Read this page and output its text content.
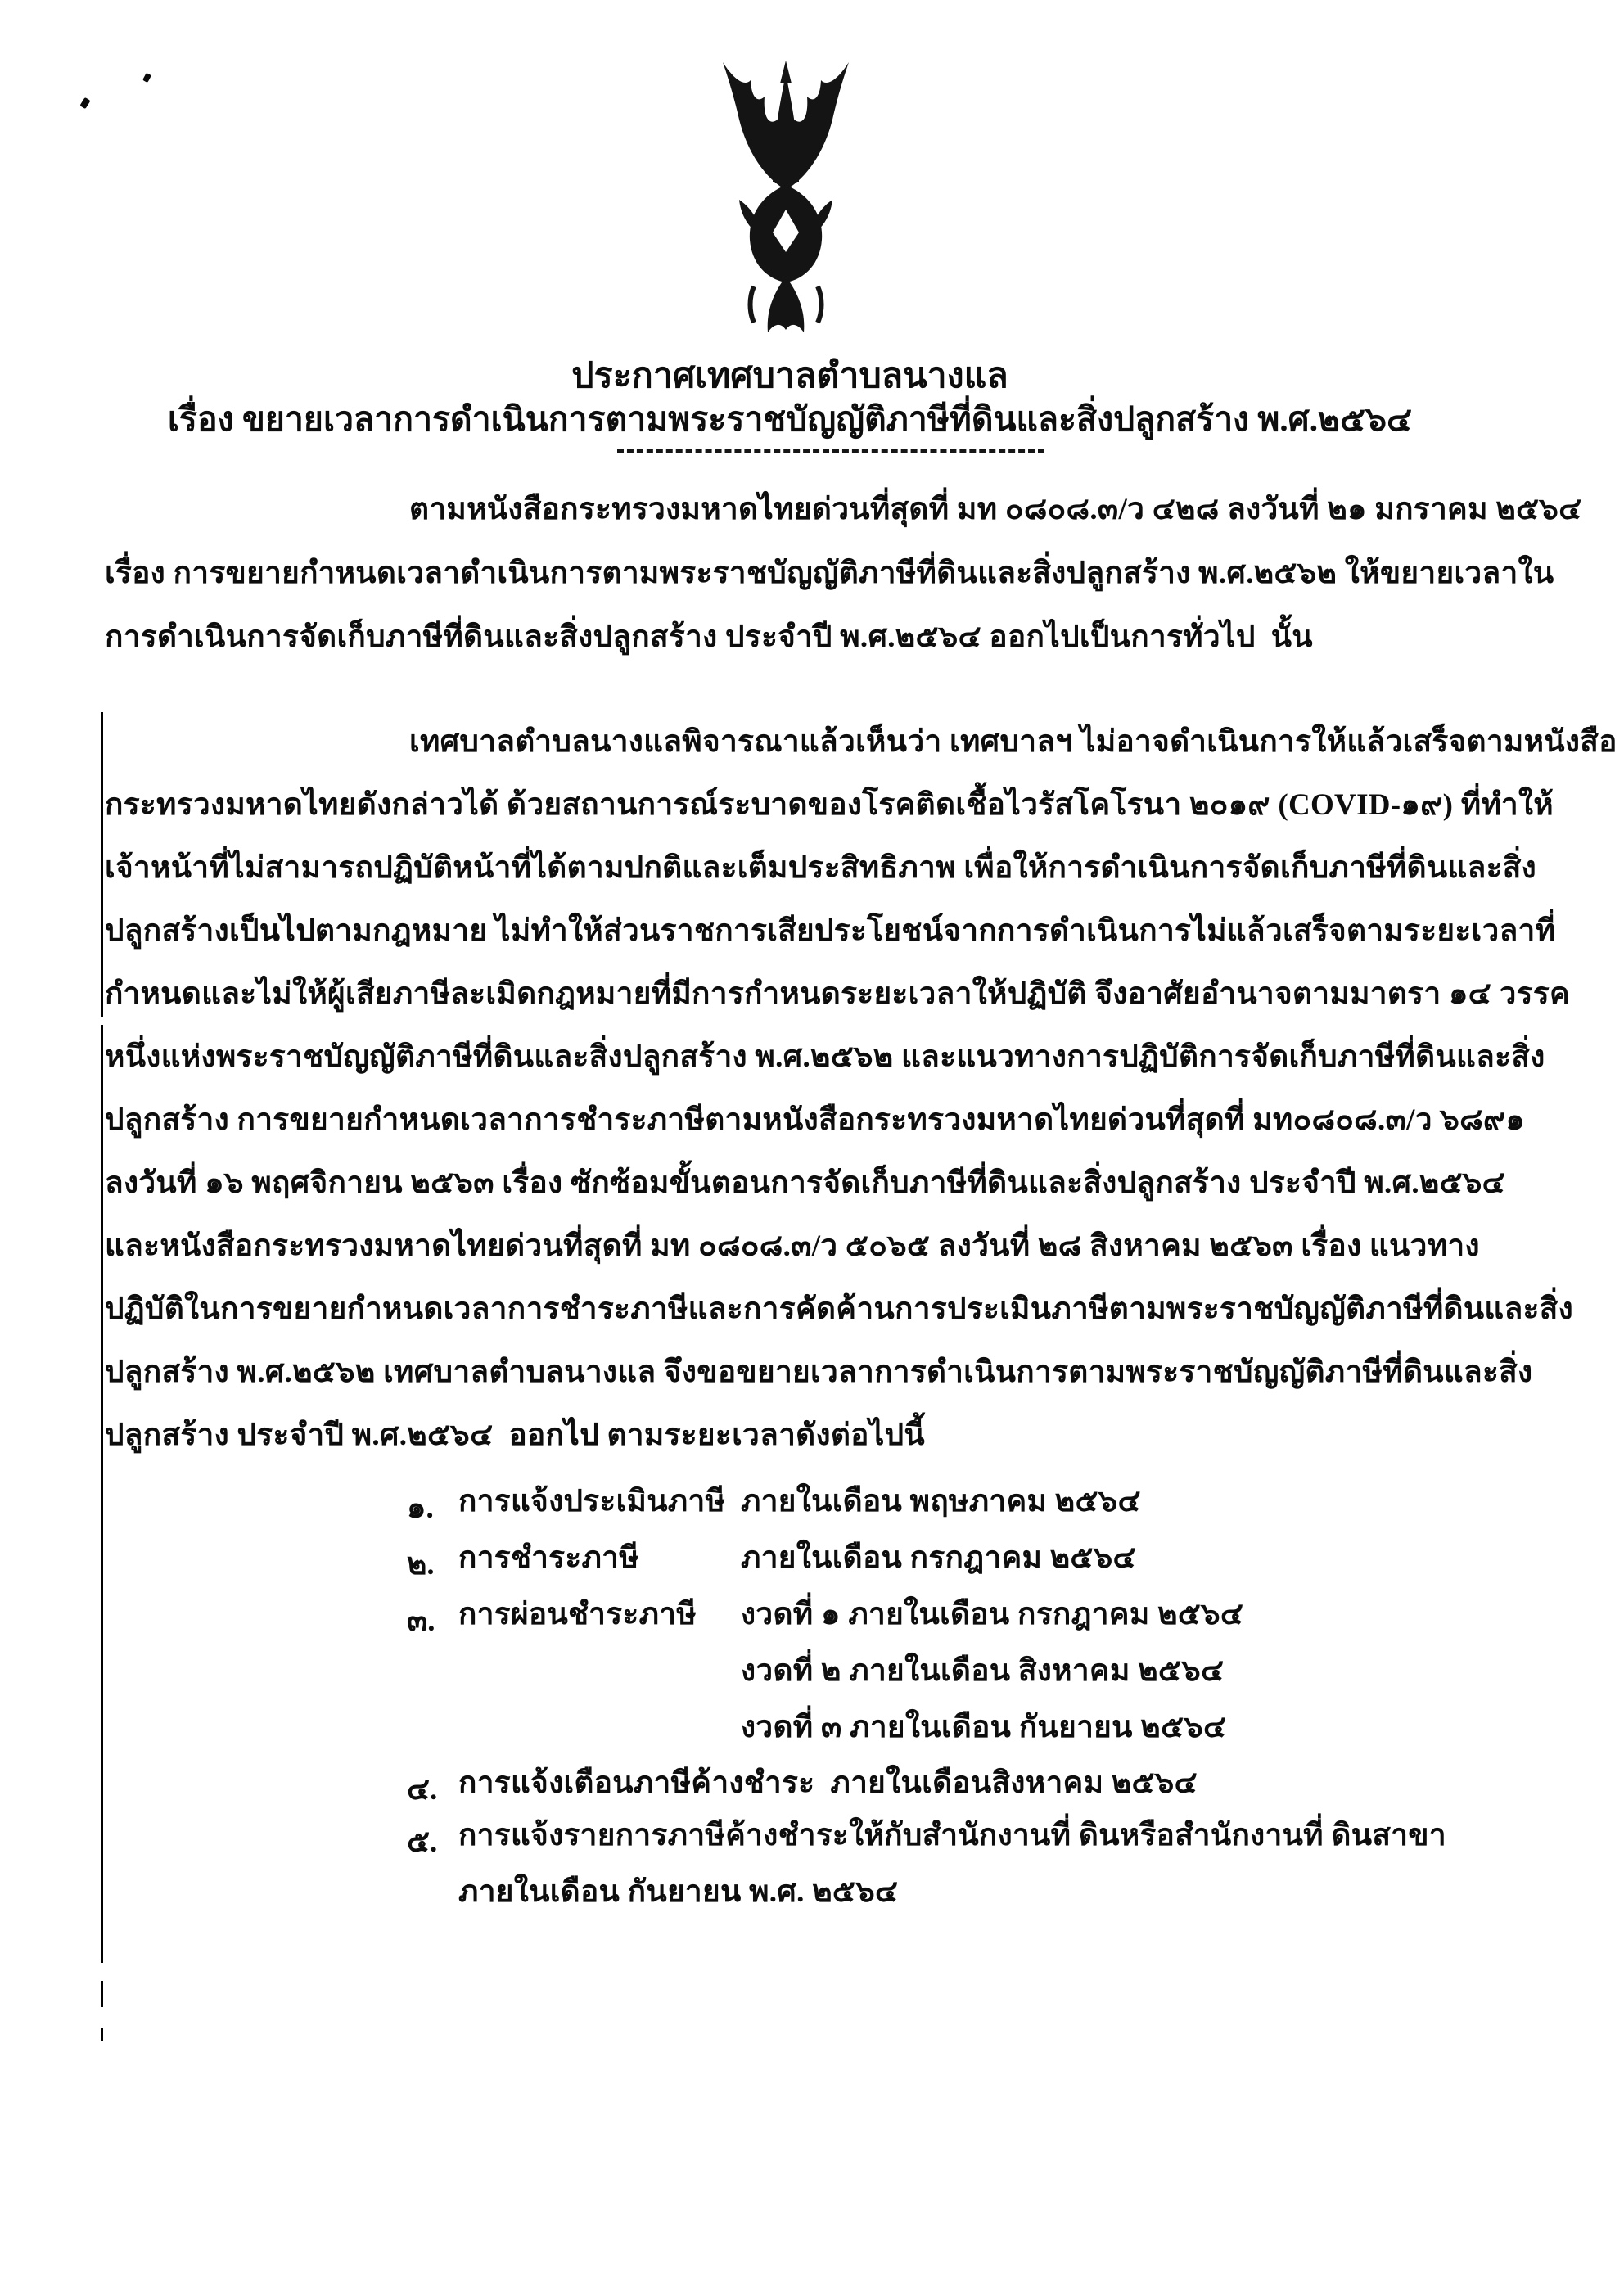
ประกาศเทศบาลตำบลนางแล
เรื่อง ขยายเวลาการดำเนินการตามพระราชบัญญัติภาษีที่ดินและสิ่งปลูกสร้าง พ.ศ.๒๕๖๔
ตามหนังสือกระทรวงมหาดไทยด่วนที่สุดที่ มท ๐๘๐๘.๓/ว ๔๒๘ ลงวันที่ ๒๑ มกราคม ๒๕๖๔
เรื่อง การขยายกำหนดเวลาดำเนินการตามพระราชบัญญัติภาษีที่ดินและสิ่งปลูกสร้าง พ.ศ.๒๕๖๒ ให้ขยายเวลาใน
การดำเนินการจัดเก็บภาษีที่ดินและสิ่งปลูกสร้าง ประจำปี พ.ศ.๒๕๖๔ ออกไปเป็นการทั่วไป  นั้น
เทศบาลตำบลนางแลพิจารณาแล้วเห็นว่า เทศบาลฯ ไม่อาจดำเนินการให้แล้วเสร็จตามหนังสือ
กระทรวงมหาดไทยดังกล่าวได้ ด้วยสถานการณ์ระบาดของโรคติดเชื้อไวรัสโคโรนา ๒๐๑๙ (COVID-๑๙) ที่ทำให้
เจ้าหน้าที่ไม่สามารถปฏิบัติหน้าที่ได้ตามปกติและเต็มประสิทธิภาพ เพื่อให้การดำเนินการจัดเก็บภาษีที่ดินและสิ่ง
ปลูกสร้างเป็นไปตามกฎหมาย ไม่ทำให้ส่วนราชการเสียประโยชน์จากการดำเนินการไม่แล้วเสร็จตามระยะเวลาที่
กำหนดและไม่ให้ผู้เสียภาษีละเมิดกฎหมายที่มีการกำหนดระยะเวลาให้ปฏิบัติ จึงอาศัยอำนาจตามมาตรา ๑๔ วรรค
หนึ่งแห่งพระราชบัญญัติภาษีที่ดินและสิ่งปลูกสร้าง พ.ศ.๒๕๖๒ และแนวทางการปฏิบัติการจัดเก็บภาษีที่ดินและสิ่ง
ปลูกสร้าง การขยายกำหนดเวลาการชำระภาษีตามหนังสือกระทรวงมหาดไทยด่วนที่สุดที่ มท๐๘๐๘.๓/ว ๖๘๙๑
ลงวันที่ ๑๖ พฤศจิกายน ๒๕๖๓ เรื่อง ซักซ้อมขั้นตอนการจัดเก็บภาษีที่ดินและสิ่งปลูกสร้าง ประจำปี พ.ศ.๒๕๖๔
และหนังสือกระทรวงมหาดไทยด่วนที่สุดที่ มท ๐๘๐๘.๓/ว ๕๐๖๕ ลงวันที่ ๒๘ สิงหาคม ๒๕๖๓ เรื่อง แนวทาง
ปฏิบัติในการขยายกำหนดเวลาการชำระภาษีและการคัดค้านการประเมินภาษีตามพระราชบัญญัติภาษีที่ดินและสิ่ง
ปลูกสร้าง พ.ศ.๒๕๖๒ เทศบาลตำบลนางแล จึงขอขยายเวลาการดำเนินการตามพระราชบัญญัติภาษีที่ดินและสิ่ง
ปลูกสร้าง ประจำปี พ.ศ.๒๕๖๔  ออกไป ตามระยะเวลาดังต่อไปนี้
๑. การแจ้งประเมินภาษี ภายในเดือน พฤษภาคม ๒๕๖๔
๒. การชำระภาษี	ภายในเดือน กรกฎาคม ๒๕๖๔
๓. การผ่อนชำระภาษี งวดที่ ๑ ภายในเดือน กรกฎาคม ๒๕๖๔
งวดที่ ๒ ภายในเดือน สิงหาคม ๒๕๖๔
งวดที่ ๓ ภายในเดือน กันยายน ๒๕๖๔
๔. การแจ้งเตือนภาษีค้างชำระ  ภายในเดือนสิงหาคม ๒๕๖๔
๕. การแจ้งรายการภาษีค้างชำระให้กับสำนักงานที่ ดินหรือสำนักงานที่ ดินสาขา
ภายในเดือน กันยายน พ.ศ. ๒๕๖๔
